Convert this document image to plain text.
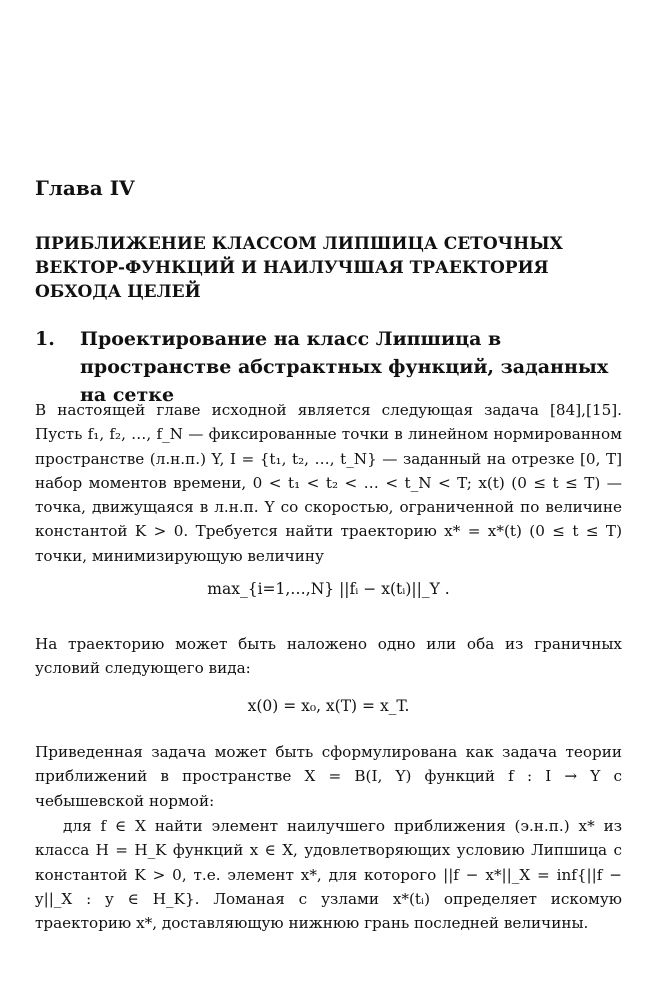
Глава IV
ПРИБЛИЖЕНИЕ КЛАССОМ ЛИПШИЦА СЕТОЧНЫХ ВЕКТОР-ФУНКЦИЙ И НАИЛУЧШАЯ ТРАЕКТОРИЯ ОБХОДА ЦЕЛЕЙ
1. Проектирование на класс Липшица в пространстве абстрактных функций, заданных на сетке

В настоящей главе исходной является следующая задача [84],[15]. Пусть f₁, f₂, …, f_N — фиксированные точки в линейном нормированном пространстве (л.н.п.) Y, I = {t₁, t₂, …, t_N} — заданный на отрезке [0, T] набор моментов времени, 0 < t₁ < t₂ < … < t_N < T; x(t) (0 ≤ t ≤ T) — точка, движущаяся в л.н.п. Y со скоростью, ограниченной по величине константой K > 0. Требуется найти траекторию x* = x*(t) (0 ≤ t ≤ T) точки, минимизирующую величину

max_{i=1,…,N} ||fᵢ − x(tᵢ)||_Y .

На траекторию может быть наложено одно или оба из граничных условий следующего вида:

x(0) = x₀, x(T) = x_T.

Приведенная задача может быть сформулирована как задача теории приближений в пространстве X = B(I, Y) функций f : I → Y с чебышевской нормой:

для f ∈ X найти элемент наилучшего приближения (э.н.п.) x* из класса H = H_K функций x ∈ X, удовлетворяющих условию Липшица с константой K > 0, т.е. элемент x*, для которого ||f − x*||_X = inf{||f − y||_X : y ∈ H_K}. Ломаная с узлами x*(tᵢ) определяет искомую траекторию x*, доставляющую нижнюю грань последней величины.
